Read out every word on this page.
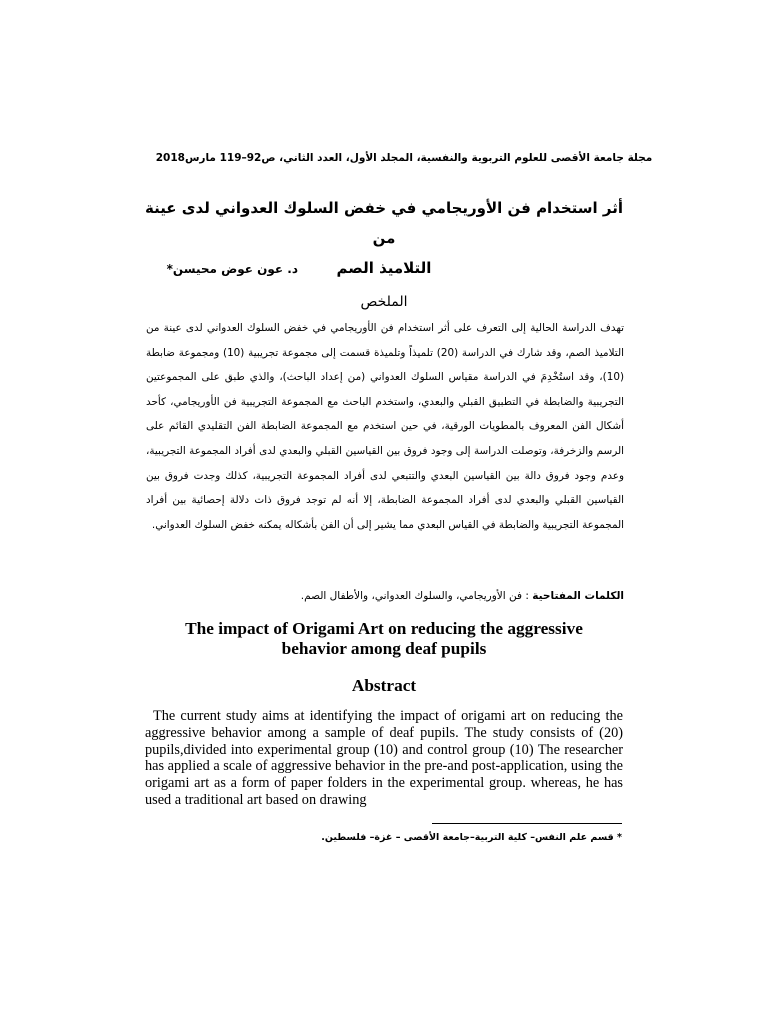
مجلة جامعة الأقصى للعلوم التربوية والنفسية، المجلد الأول، العدد الثاني، ص92–119 مارس2018
أثر استخدام فن الأوريجامي في خفض السلوك العدواني لدى عينة من
التلاميذ الصم
د. عون عوض محيسن*
الملخص
تهدف الدراسة الحالية إلى التعرف على أثر استخدام فن الأوريجامي في خفض السلوك العدواني لدى عينة من التلاميذ الصم، وقد شارك في الدراسة (20) تلميذاً وتلميذة قسمت إلى مجموعة تجريبية (10) ومجموعة ضابطة (10)، وقد استُخْدِمَ في الدراسة مقياس السلوك العدواني (من إعداد الباحث)، والذي طبق على المجموعتين التجريبية والضابطة في التطبيق القبلي والبعدي، واستخدم الباحث مع المجموعة التجريبية فن الأوريجامي، كأحد أشكال الفن المعروف بالمطويات الورقية، في حين استخدم مع المجموعة الضابطة الفن التقليدي القائم على الرسم والزخرفة، وتوصلت الدراسة إلى وجود فروق بين القياسين القبلي والبعدي لدى أفراد المجموعة التجريبية، وعدم وجود فروق دالة بين القياسين البعدي والتتبعي لدى أفراد المجموعة التجريبية، كذلك وجدت فروق بين القياسين القبلي والبعدي لدى أفراد المجموعة الضابطة، إلا أنه لم توجد فروق ذات دلالة إحصائية بين أفراد المجموعة التجريبية والضابطة في القياس البعدي مما يشير إلى أن الفن بأشكاله يمكنه خفض السلوك العدواني.
الكلمات المفتاحية : فن الأوريجامي، والسلوك العدواني، والأطفال الصم.
The impact of Origami Art on reducing the aggressive
behavior among deaf pupils
Abstract
The current study aims at identifying the impact of origami art on reducing the aggressive behavior among a sample of deaf pupils. The study consists of (20) pupils,divided into experimental group (10) and control group (10) The researcher has applied a scale of aggressive behavior in the pre-and post-application, using the origami art as a form of paper folders in the experimental group. whereas, he has used a traditional art based on drawing
* قسم علم النفس– كلية التربية–جامعة الأقصى – غزة– فلسطين.
